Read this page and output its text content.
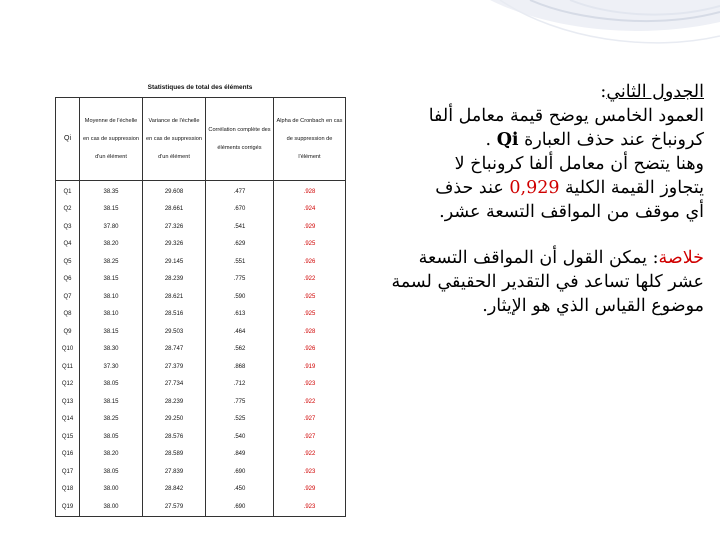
Statistiques de total des éléments
Qi	Moyenne de l'échelle en cas de suppression d'un élément	Variance de l'échelle en cas de suppression d'un élément	Corrélation complète des éléments corrigés	Alpha de Cronbach en cas de suppression de l'élément
Q1	38.35	29.608	.477	.928
Q2	38.15	28.661	.670	.924
Q3	37.80	27.326	.541	.929
Q4	38.20	29.326	.629	.925
Q5	38.25	29.145	.551	.926
Q6	38.15	28.239	.775	.922
Q7	38.10	28.621	.590	.925
Q8	38.10	28.516	.613	.925
Q9	38.15	29.503	.464	.928
Q10	38.30	28.747	.562	.926
Q11	37.30	27.379	.868	.919
Q12	38.05	27.734	.712	.923
Q13	38.15	28.239	.775	.922
Q14	38.25	29.250	.525	.927
Q15	38.05	28.576	.540	.927
Q16	38.20	28.589	.849	.922
Q17	38.05	27.839	.690	.923
Q18	38.00	28.842	.450	.929
Q19	38.00	27.579	.690	.923
الجدول الثاني:
العمود الخامس يوضح قيمة معامل ألفا
كرونباخ عند حذف العبارة Qi .
وهنا يتضح أن معامل ألفا كرونباخ لا
يتجاوز القيمة الكلية 0,929 عند حذف
أي موقف من المواقف التسعة عشر.
خلاصة: يمكن القول أن المواقف التسعة
عشر كلها تساعد في التقدير الحقيقي لسمة
موضوع القياس الذي هو الإيثار.
